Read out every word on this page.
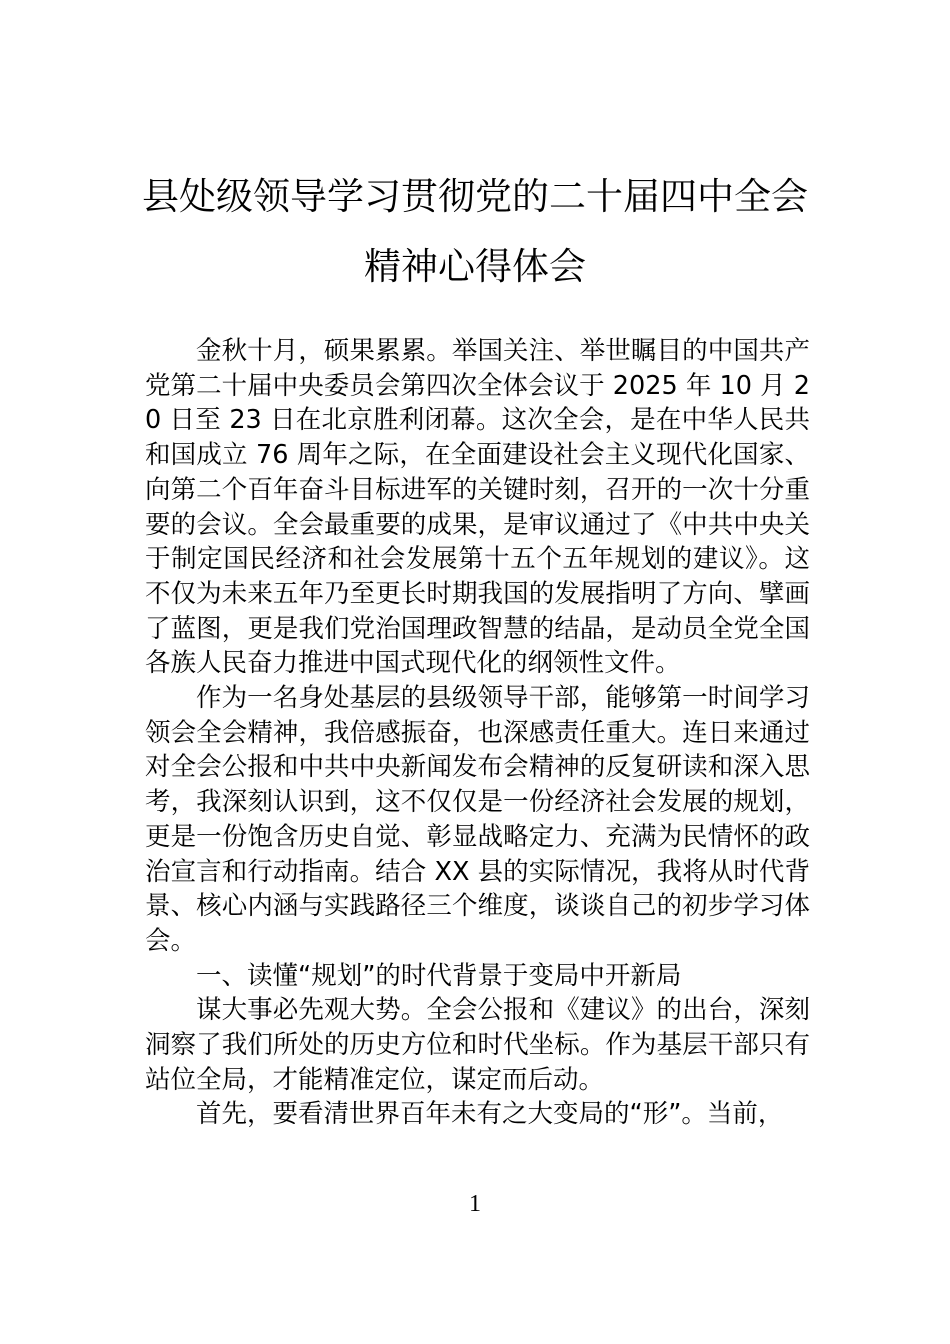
县处级领导学习贯彻党的二十届四中全会
精神心得体会

金秋十月，硕果累累。举国关注、举世瞩目的中国共产党第二十届中央委员会第四次全体会议于 2025 年 10 月 20 日至 23 日在北京胜利闭幕。这次全会，是在中华人民共和国成立 76 周年之际，在全面建设社会主义现代化国家、向第二个百年奋斗目标进军的关键时刻，召开的一次十分重要的会议。全会最重要的成果，是审议通过了《中共中央关于制定国民经济和社会发展第十五个五年规划的建议》。这不仅为未来五年乃至更长时期我国的发展指明了方向、擘画了蓝图，更是我们党治国理政智慧的结晶，是动员全党全国各族人民奋力推进中国式现代化的纲领性文件。

作为一名身处基层的县级领导干部，能够第一时间学习领会全会精神，我倍感振奋，也深感责任重大。连日来通过对全会公报和中共中央新闻发布会精神的反复研读和深入思考，我深刻认识到，这不仅仅是一份经济社会发展的规划，更是一份饱含历史自觉、彰显战略定力、充满为民情怀的政治宣言和行动指南。结合 XX 县的实际情况，我将从时代背景、核心内涵与实践路径三个维度，谈谈自己的初步学习体会。

一、读懂“规划”的时代背景于变局中开新局

谋大事必先观大势。全会公报和《建议》的出台，深刻洞察了我们所处的历史方位和时代坐标。作为基层干部只有站位全局，才能精准定位，谋定而后动。

首先，要看清世界百年未有之大变局的“形”。当前，

1
